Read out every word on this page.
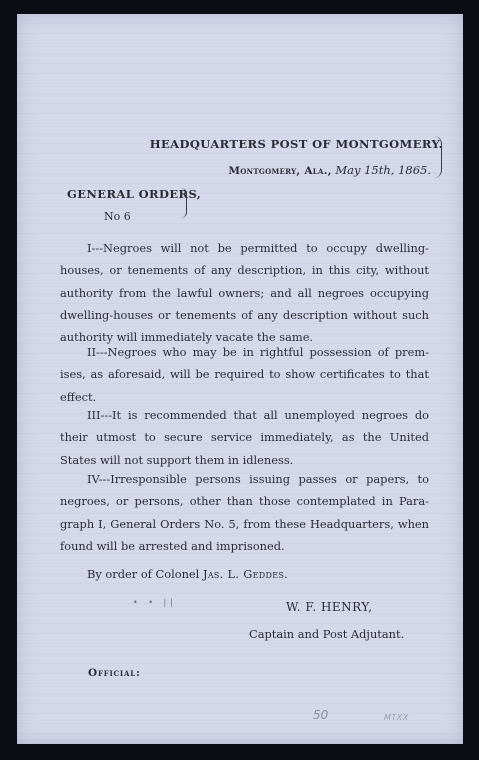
HEADQUARTERS POST OF MONTGOMERY.
Montgomery, Ala., May 15th, 1865.
GENERAL ORDERS,
No 6
I---Negroes will not be permitted to occupy dwelling-
houses, or tenements of any description, in this city, without
authority from the lawful owners; and all negroes occupying
dwelling-houses or tenements of any description without such
authority will immediately vacate the same.
II---Negroes who may be in rightful possession of prem-
ises, as aforesaid, will be required to show certificates to that
effect.
III---It is recommended that all unemployed negroes do
their utmost to secure service immediately, as the United
States will not support them in idleness.
IV---Irresponsible persons issuing passes or papers, to
negroes, or persons, other than those contemplated in Para-
graph I, General Orders No. 5, from these Headquarters, when
found will be arrested and imprisoned.
By order of Colonel Jas. L. Geddes.
• • ||	W. F. HENRY,
Captain and Post Adjutant.
Official:
50	MTXX
